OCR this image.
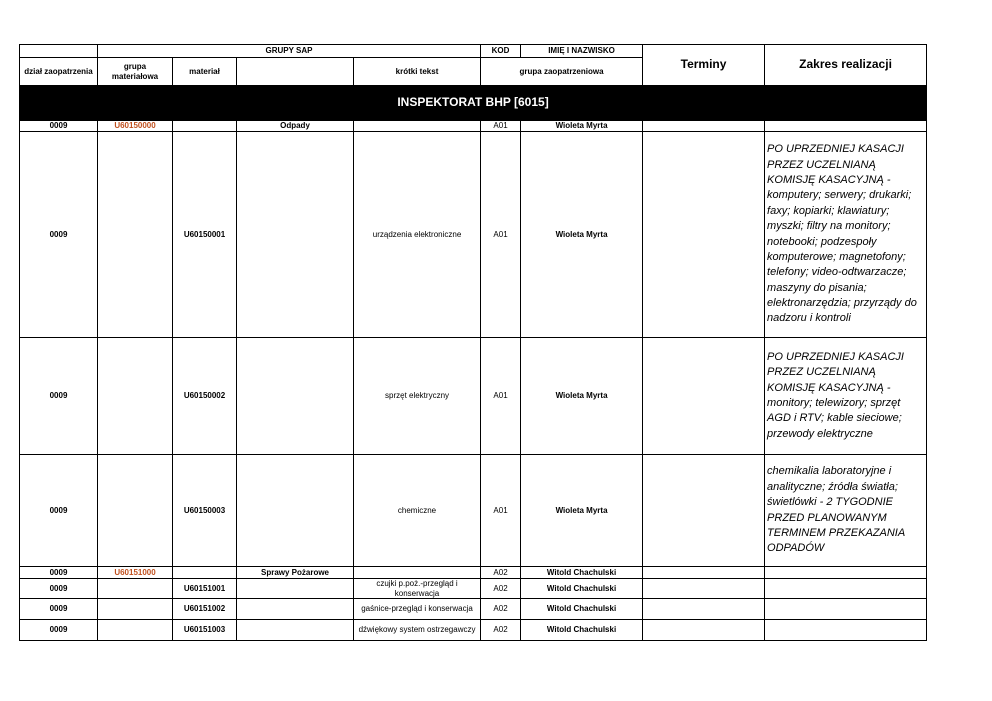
	GRUPY SAP				KOD	IMIĘ I NAZWISKO	Terminy	Zakres realizacji
dział zaopatrzenia	grupa materiałowa	materiał		krótki tekst	grupa zaopatrzeniowa			
INSPEKTORAT BHP [6015]								
0009	U60150000		Odpady		A01	Wioleta Myrta		
0009		U60150001		urządzenia elektroniczne	A01	Wioleta Myrta		PO UPRZEDNIEJ KASACJI PRZEZ UCZELNIANĄ KOMISJĘ KASACYJNĄ - komputery; serwery; drukarki; faxy; kopiarki; klawiatury; myszki; filtry na monitory; notebooki; podzespoły komputerowe; magnetofony; telefony; video-odtwarzacze; maszyny do pisania; elektronarzędzia; przyrządy do nadzoru i kontroli
0009		U60150002		sprzęt elektryczny	A01	Wioleta Myrta		PO UPRZEDNIEJ KASACJI PRZEZ UCZELNIANĄ KOMISJĘ KASACYJNĄ - monitory; telewizory; sprzęt AGD i RTV; kable sieciowe; przewody elektryczne
0009		U60150003		chemiczne	A01	Wioleta Myrta		chemikalia laboratoryjne i analityczne; źródła światła; świetlówki - 2 TYGODNIE PRZED PLANOWANYM TERMINEM PRZEKAZANIA ODPADÓW
0009	U60151000		Sprawy Pożarowe		A02	Witold Chachulski		
0009		U60151001		czujki p.poż.-przegląd i konserwacja	A02	Witold Chachulski		
0009		U60151002		gaśnice-przegląd i konserwacja	A02	Witold Chachulski		
0009		U60151003		dźwiękowy system ostrzegawczy	A02	Witold Chachulski		
